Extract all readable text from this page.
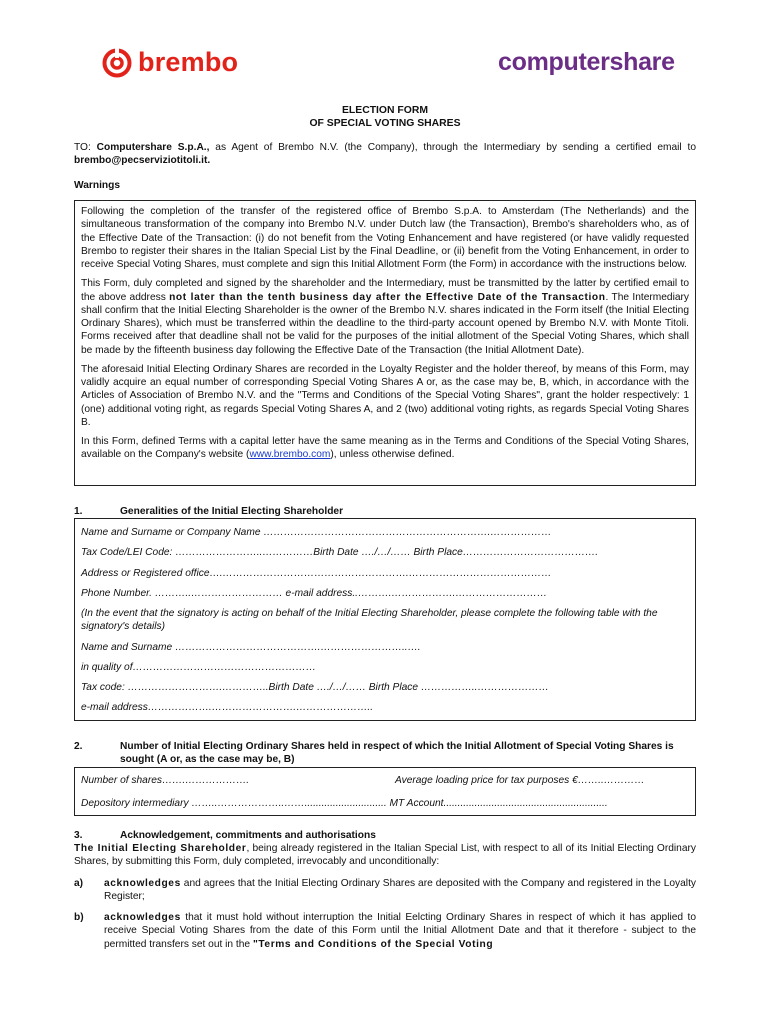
brembo	computershare
ELECTION FORM
OF SPECIAL VOTING SHARES
TO: Computershare S.p.A., as Agent of Brembo N.V. (the Company), through the Intermediary by sending a certified email to brembo@pecserviziotitoli.it.
Warnings

Following the completion of the transfer of the registered office of Brembo S.p.A. to Amsterdam (The Netherlands) and the simultaneous transformation of the company into Brembo N.V. under Dutch law (the Transaction), Brembo's shareholders who, as of the Effective Date of the Transaction: (i) do not benefit from the Voting Enhancement and have registered (or have validly requested Brembo to register their shares in the Italian Special List by the Final Deadline, or (ii) benefit from the Voting Enhancement, in order to receive Special Voting Shares, must complete and sign this Initial Allotment Form (the Form) in accordance with the instructions below.

This Form, duly completed and signed by the shareholder and the Intermediary, must be transmitted by the latter by certified email to the above address not later than the tenth business day after the Effective Date of the Transaction. The Intermediary shall confirm that the Initial Electing Shareholder is the owner of the Brembo N.V. shares indicated in the Form itself (the Initial Electing Ordinary Shares), which must be transferred within the deadline to the third-party account opened by Brembo N.V. with Monte Titoli. Forms received after that deadline shall not be valid for the purposes of the initial allotment of the Special Voting Shares, which shall be made by the fifteenth business day following the Effective Date of the Transaction (the Initial Allotment Date).

The aforesaid Initial Electing Ordinary Shares are recorded in the Loyalty Register and the holder thereof, by means of this Form, may validly acquire an equal number of corresponding Special Voting Shares A or, as the case may be, B, which, in accordance with the Articles of Association of Brembo N.V. and the "Terms and Conditions of the Special Voting Shares", grant the holder respectively: 1 (one) additional voting right, as regards Special Voting Shares A, and 2 (two) additional voting rights, as regards Special Voting Shares B.

In this Form, defined Terms with a capital letter have the same meaning as in the Terms and Conditions of the Special Voting Shares, available on the Company's website (www.brembo.com), unless otherwise defined.

1.	Generalities of the Initial Electing Shareholder

Name and Surname or Company Name ………………………………………………………….………………

Tax Code/LEI Code: ……………………..……………Birth Date …./…/…… Birth Place………………………………….

Address or Registered office….……………………………………………….……………………………………

Phone Number. ………..……………………… e-mail address..……….……………….………………………

(In the event that the signatory is acting on behalf of the Initial Electing Shareholder, please complete the following table with the signatory's details)

Name and Surname …………………………………….……………………..….

in quality of………………………………………………

Tax code: ……………………….…………..Birth Date …./…/…… Birth Place ……………..…………………

e-mail address……………….…………………….…………………..

2.	Number of Initial Electing Ordinary Shares held in respect of which the Initial Allotment of Special Voting Shares is sought (A or, as the case may be, B)
Number of shares…….……………….	Average loading price for tax purposes €……..…………

Depository intermediary ……..………………..……............................. MT Account..........................................................

3.	Acknowledgement, commitments and authorisations
The Initial Electing Shareholder, being already registered in the Italian Special List, with respect to all of its Initial Electing Ordinary Shares, by submitting this Form, duly completed, irrevocably and unconditionally:
a)	acknowledges and agrees that the Initial Electing Ordinary Shares are deposited with the Company and registered in the Loyalty Register;
b)	acknowledges that it must hold without interruption the Initial Eelcting Ordinary Shares in respect of which it has applied to receive Special Voting Shares from the date of this Form until the Initial Allotment Date and that it therefore - subject to the permitted transfers set out in the "Terms and Conditions of the Special Voting
